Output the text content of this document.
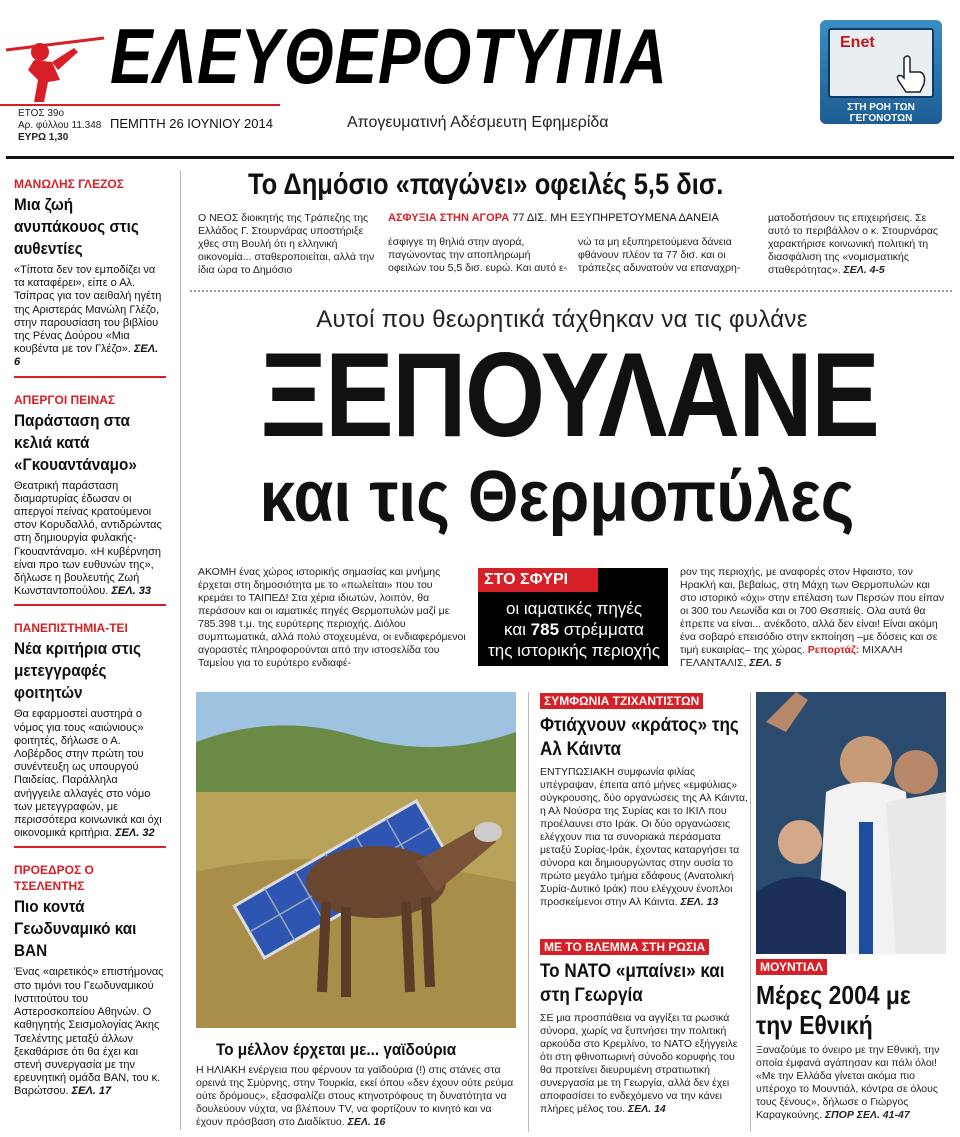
ΕΛΕΥΘΕΡΟΤΥΠΙΑ
ΕΤΟΣ 39ο
Αρ. φύλλου 11.348
ΕΥΡΩ 1,30
ΠΕΜΠΤΗ 26 ΙΟΥΝΙΟΥ 2014	Απογευματινή Αδέσμευτη Εφημερίδα
Enet
ΣΤΗ ΡΟΗ ΤΩΝ ΓΕΓΟΝΟΤΩΝ
ΜΑΝΩΛΗΣ ΓΛΕΖΟΣ
Μια ζωή ανυπάκουος στις αυθεντίες
«Τίποτα δεν τον εμποδίζει να τα καταφέρει», είπε ο Αλ. Τσίπρας για τον αειθαλή ηγέτη της Αριστεράς Μανώλη Γλέζο, στην παρουσίαση του βιβλίου της Ρένας Δούρου «Μια κουβέντα με τον Γλέζο». ΣΕΛ. 6
ΑΠΕΡΓΟΙ ΠΕΙΝΑΣ
Παράσταση στα κελιά κατά «Γκουαντάναμο»
Θεατρική παράσταση διαμαρτυρίας έδωσαν οι απεργοί πείνας κρατούμενοι στον Κορυδαλλό, αντιδρώντας στη δημιουργία φυλακής-Γκουαντάναμο. «Η κυβέρνηση είναι προ των ευθυνών της», δήλωσε η βουλευτής Ζωή Κωνσταντοπούλου. ΣΕΛ. 33
ΠΑΝΕΠΙΣΤΗΜΙΑ-ΤΕΙ
Νέα κριτήρια στις μετεγγραφές φοιτητών
Θα εφαρμοστεί αυστηρά ο νόμος για τους «αιώνιους» φοιτητές, δήλωσε ο Α. Λοβέρδος στην πρώτη του συνέντευξη ως υπουργού Παιδείας. Παράλληλα ανήγγειλε αλλαγές στο νόμο των μετεγγραφών, με περισσότερα κοινωνικά και όχι οικονομικά κριτήρια. ΣΕΛ. 32
ΠΡΟΕΔΡΟΣ Ο ΤΣΕΛΕΝΤΗΣ
Πιο κοντά Γεωδυναμικό και ΒΑΝ
Ένας «αιρετικός» επιστήμονας στο τιμόνι του Γεωδυναμικού Ινστιτούτου του Αστεροσκοπείου Αθηνών. Ο καθηγητής Σεισμολογίας Άκης Τσελέντης μεταξύ άλλων ξεκαθάρισε ότι θα έχει και στενή συνεργασία με την ερευνητική ομάδα ΒΑΝ, του κ. Βαρώτσου. ΣΕΛ. 17
Το Δημόσιο «παγώνει» οφειλές 5,5 δισ.
Ο ΝΕΟΣ διοικητής της Τράπεζης της Ελλάδος Γ. Στουρνάρας υποστήριξε χθες στη Βουλή ότι η ελληνική οικονομία... σταθεροποιείται, αλλά την ίδια ώρα το Δημόσιο
ΑΣΦΥΞΙΑ ΣΤΗΝ ΑΓΟΡΑ 77 ΔΙΣ. ΜΗ ΕΞΥΠΗΡΕΤΟΥΜΕΝΑ ΔΑΝΕΙΑ
έσφιγγε τη θηλιά στην αγορά, παγώνοντας την αποπληρωμή οφειλών του 5,5 δισ. ευρώ. Και αυτό ε-
νώ τα μη εξυπηρετούμενα δάνεια φθάνουν πλέον τα 77 δισ. και οι τράπεζες αδυνατούν να επαναχρη-
ματοδοτήσουν τις επιχειρήσεις. Σε αυτό το περιβάλλον ο κ. Στουρνάρας χαρακτήρισε κοινωνική πολιτική τη διασφάλιση της «νομισματικής σταθερότητας». ΣΕΛ. 4-5
Αυτοί που θεωρητικά τάχθηκαν να τις φυλάνε
ΞΕΠΟΥΛΑΝΕ
και τις Θερμοπύλες
ΑΚΟΜΗ ένας χώρος ιστορικής σημασίας και μνήμης έρχεται στη δημοσιότητα με το «πωλείται» που του κρεμάει το ΤΑΙΠΕΔ! Στα χέρια ιδιωτών, λοιπόν, θα περάσουν και οι ιαματικές πηγές Θερμοπυλών μαζί με 785.398 τ.μ. της ευρύτερης περιοχής. Διόλου συμπτωματικά, αλλά πολύ στοχευμένα, οι ενδιαφερόμενοι αγοραστές πληροφορούνται από την ιστοσελίδα του Ταμείου για το ευρύτερο ενδιαφέ-
ΣΤΟ ΣΦΥΡΙ
οι ιαματικές πηγές
και 785 στρέμματα
της ιστορικής περιοχής
ρον της περιοχής, με αναφορές στον Ηφαιστο, τον Ηρακλή και, βεβαίως, στη Μάχη των Θερμοπυλών και στο ιστορικό «όχι» στην επέλαση των Περσών που είπαν οι 300 του Λεωνίδα και οι 700 Θεσπιείς. Ολα αυτά θα έπρεπε να είναι... ανέκδοτο, αλλά δεν είναι! Είναι ακόμη ένα σοβαρό επεισόδιο στην εκποίηση –με δόσεις και σε τιμή ευκαιρίας– της χώρας. Ρεπορτάζ: ΜΙΧΑΛΗ ΓΕΛΑΝΤΑΛΙΣ, ΣΕΛ. 5
Το μέλλον έρχεται με... γαϊδούρια
Η ΗΛΙΑΚΗ ενέργεια που φέρνουν τα γαϊδούρια (!) στις στάνες στα ορεινά της Σμύρνης, στην Τουρκία, εκεί όπου «δεν έχουν ούτε ρεύμα ούτε δρόμους», εξασφαλίζει στους κτηνοτρόφους τη δυνατότητα να δουλεύουν νύχτα, να βλέπουν TV, να φορτίζουν το κινητό και να έχουν πρόσβαση στο Διαδίκτυο. ΣΕΛ. 16
ΣΥΜΦΩΝΙΑ ΤΖΙΧΑΝΤΙΣΤΩΝ
Φτιάχνουν «κράτος» της Αλ Κάιντα
ΕΝΤΥΠΩΣΙΑΚΗ συμφωνία φιλίας υπέγραψαν, έπειτα από μήνες «εμφύλιας» σύγκρουσης, δύο οργανώσεις της Αλ Κάιντα, η Αλ Νούσρα της Συρίας και το ΙΚΙΛ που προέλαυνει στο Ιράκ. Οι δύο οργανώσεις ελέγχουν πια τα συνοριακά περάσματα μεταξύ Συρίας-Ιράκ, έχοντας καταργήσει τα σύνορα και δημιουργώντας στην ουσία το πρώτο μεγάλο τμήμα εδάφους (Ανατολική Συρία-Δυτικό Ιράκ) που ελέγχουν ένοπλοι προσκείμενοι στην Αλ Κάιντα. ΣΕΛ. 13
ΜΕ ΤΟ ΒΛΕΜΜΑ ΣΤΗ ΡΩΣΙΑ
Το ΝΑΤΟ «μπαίνει» και στη Γεωργία
ΣΕ μια προσπάθεια να αγγίξει τα ρωσικά σύνορα, χωρίς να ξυπνήσει την πολιτική αρκούδα στο Κρεμλίνο, το ΝΑΤΟ εξήγγειλε ότι στη φθινοπωρινή σύνοδο κορυφής του θα προτείνει διευρυμένη στρατιωτική συνεργασία με τη Γεωργία, αλλά δεν έχει αποφασίσει το ενδεχόμενο να την κάνει πλήρες μέλος του. ΣΕΛ. 14
ΜΟΥΝΤΙΑΛ
Μέρες 2004 με την Εθνική
Ξαναζούμε το όνειρο με την Εθνική, την οποία έμφανά αγάπησαν και πάλι όλοι! «Με την Ελλάδα γίνεται ακόμα πιο υπέροχο το Μουντιάλ, κόντρα σε όλους τους ξένους», δήλωσε ο Γιώργος Καραγκούνης. ΣΠΟΡ ΣΕΛ. 41-47
